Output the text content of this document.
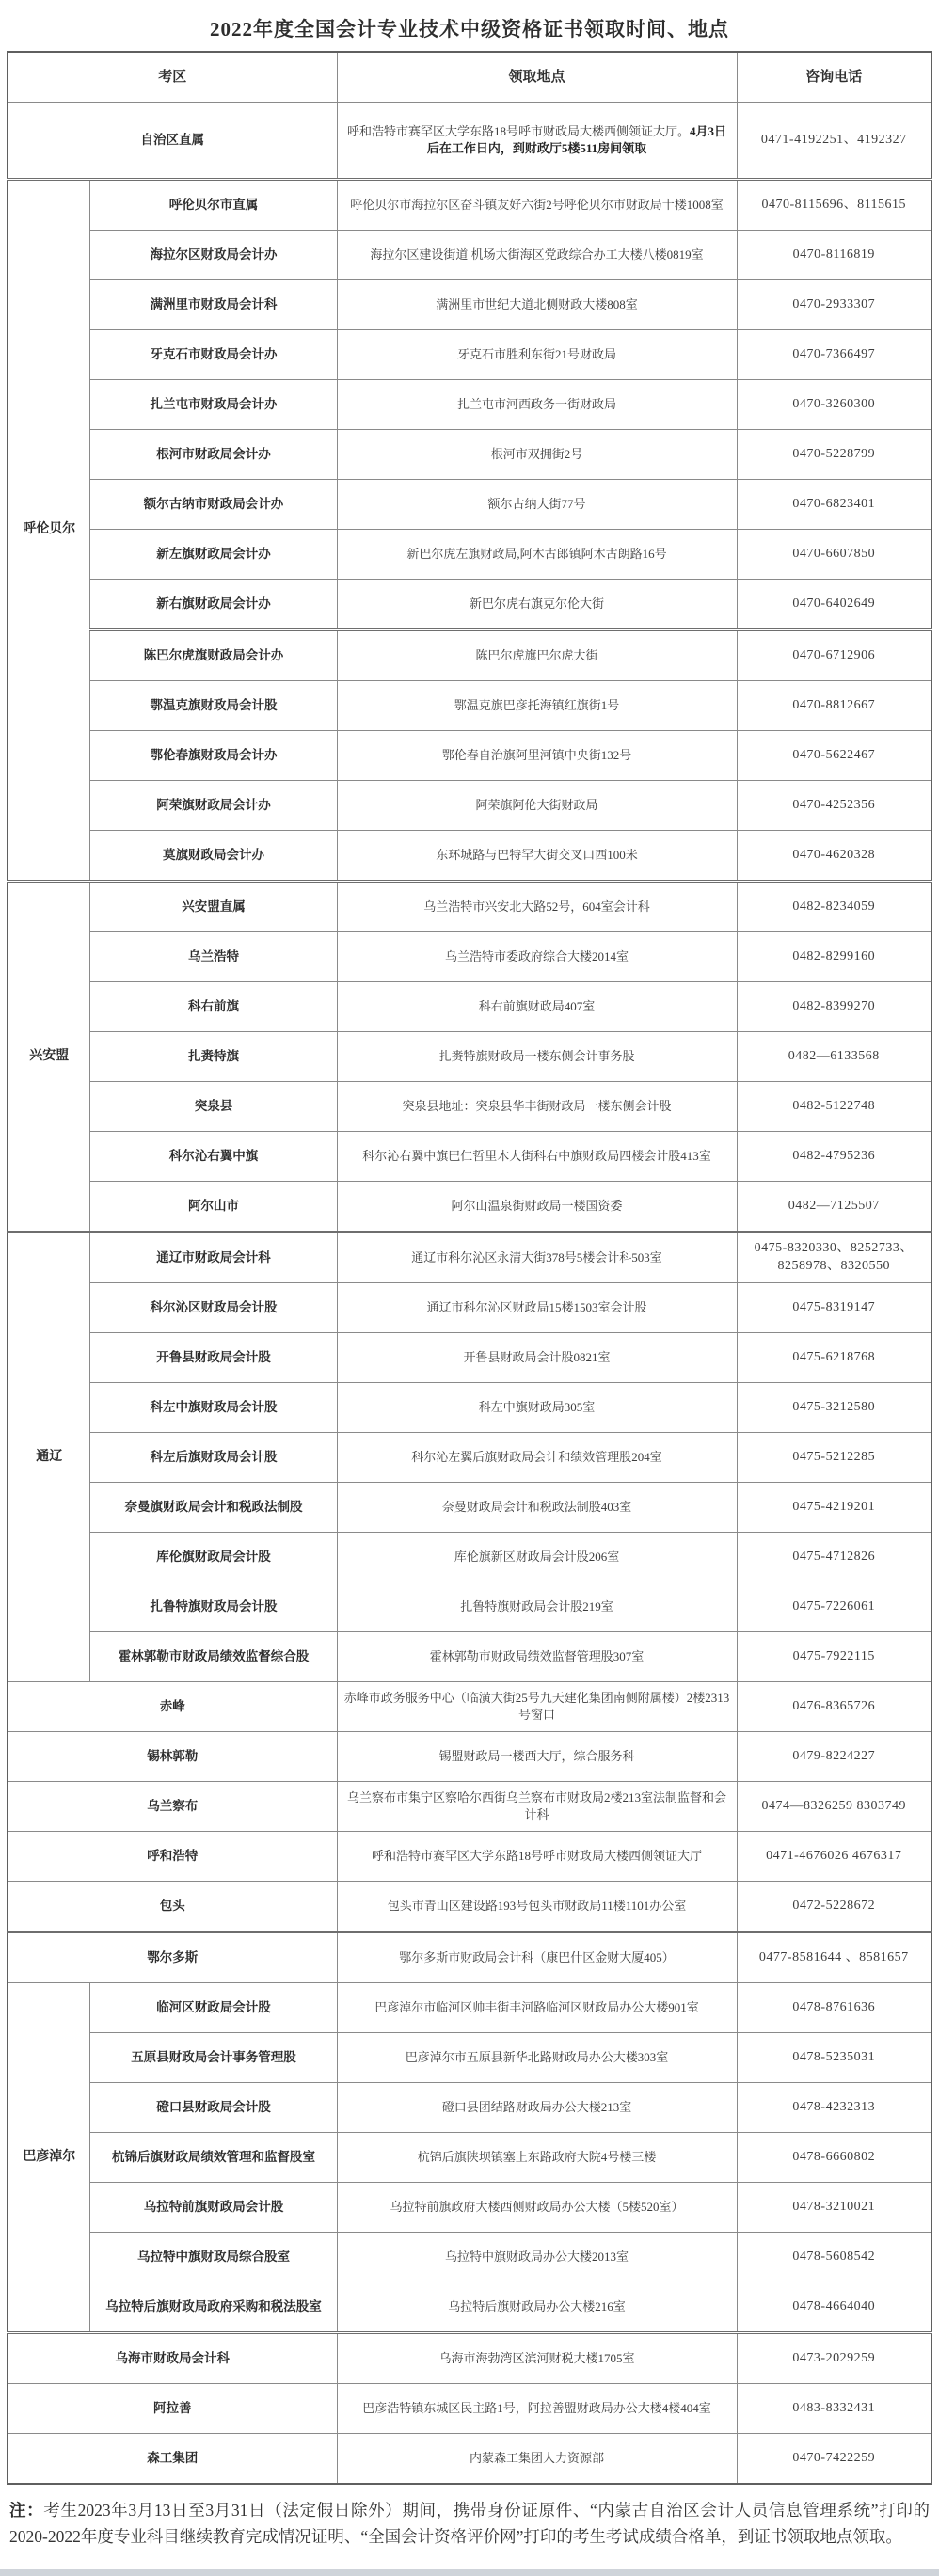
2022年度全国会计专业技术中级资格证书领取时间、地点
考区		领取地点	咨询电话
自治区直属		呼和浩特市赛罕区大学东路18号呼市财政局大楼西侧领证大厅。4月3日后在工作日内，到财政厅5楼511房间领取	0471-4192251、4192327
呼伦贝尔	呼伦贝尔市直属	呼伦贝尔市海拉尔区奋斗镇友好六街2号呼伦贝尔市财政局十楼1008室	0470-8115696、8115615
	海拉尔区财政局会计办	海拉尔区建设街道 机场大街海区党政综合办工大楼八楼0819室	0470-8116819
	满洲里市财政局会计科	满洲里市世纪大道北侧财政大楼808室	0470-2933307
	牙克石市财政局会计办	牙克石市胜利东街21号财政局	0470-7366497
	扎兰屯市财政局会计办	扎兰屯市河西政务一街财政局	0470-3260300
	根河市财政局会计办	根河市双拥街2号	0470-5228799
	额尔古纳市财政局会计办	额尔古纳大街77号	0470-6823401
	新左旗财政局会计办	新巴尔虎左旗财政局,阿木古郎镇阿木古朗路16号	0470-6607850
	新右旗财政局会计办	新巴尔虎右旗克尔伦大街	0470-6402649
	陈巴尔虎旗财政局会计办	陈巴尔虎旗巴尔虎大街	0470-6712906
	鄂温克旗财政局会计股	鄂温克旗巴彦托海镇红旗街1号	0470-8812667
	鄂伦春旗财政局会计办	鄂伦春自治旗阿里河镇中央街132号	0470-5622467
	阿荣旗财政局会计办	阿荣旗阿伦大街财政局	0470-4252356
	莫旗财政局会计办	东环城路与巴特罕大街交叉口西100米	0470-4620328
兴安盟	兴安盟直属	乌兰浩特市兴安北大路52号，604室会计科	0482-8234059
	乌兰浩特	乌兰浩特市委政府综合大楼2014室	0482-8299160
	科右前旗	科右前旗财政局407室	0482-8399270
	扎赉特旗	扎赉特旗财政局一楼东侧会计事务股	0482—6133568
	突泉县	突泉县地址：突泉县华丰街财政局一楼东侧会计股	0482-5122748
	科尔沁右翼中旗	科尔沁右翼中旗巴仁哲里木大街科右中旗财政局四楼会计股413室	0482-4795236
	阿尔山市	阿尔山温泉街财政局一楼国资委	0482—7125507
通辽	通辽市财政局会计科	通辽市科尔沁区永清大街378号5楼会计科503室	0475-8320330、8252733、8258978、8320550
	科尔沁区财政局会计股	通辽市科尔沁区财政局15楼1503室会计股	0475-8319147
	开鲁县财政局会计股	开鲁县财政局会计股0821室	0475-6218768
	科左中旗财政局会计股	科左中旗财政局305室	0475-3212580
	科左后旗财政局会计股	科尔沁左翼后旗财政局会计和绩效管理股204室	0475-5212285
	奈曼旗财政局会计和税政法制股	奈曼财政局会计和税政法制股403室	0475-4219201
	库伦旗财政局会计股	库伦旗新区财政局会计股206室	0475-4712826
	扎鲁特旗财政局会计股	扎鲁特旗财政局会计股219室	0475-7226061
	霍林郭勒市财政局绩效监督综合股	霍林郭勒市财政局绩效监督管理股307室	0475-7922115
赤峰		赤峰市政务服务中心（临潢大街25号九天建化集团南侧附属楼）2楼2313号窗口	0476-8365726
锡林郭勒		锡盟财政局一楼西大厅，综合服务科	0479-8224227
乌兰察布		乌兰察布市集宁区察哈尔西街乌兰察布市财政局2楼213室法制监督和会计科	0474—8326259 8303749
呼和浩特		呼和浩特市赛罕区大学东路18号呼市财政局大楼西侧领证大厅	0471-4676026 4676317
包头		包头市青山区建设路193号包头市财政局11楼1101办公室	0472-5228672
鄂尔多斯		鄂尔多斯市财政局会计科（康巴什区金财大厦405）	0477-8581644 、8581657
巴彦淖尔	临河区财政局会计股	巴彦淖尔市临河区帅丰街丰河路临河区财政局办公大楼901室	0478-8761636
	五原县财政局会计事务管理股	巴彦淖尔市五原县新华北路财政局办公大楼303室	0478-5235031
	磴口县财政局会计股	磴口县团结路财政局办公大楼213室	0478-4232313
	杭锦后旗财政局绩效管理和监督股室	杭锦后旗陕坝镇塞上东路政府大院4号楼三楼	0478-6660802
	乌拉特前旗财政局会计股	乌拉特前旗政府大楼西侧财政局办公大楼（5楼520室）	0478-3210021
	乌拉特中旗财政局综合股室	乌拉特中旗财政局办公大楼2013室	0478-5608542
	乌拉特后旗财政局政府采购和税法股室	乌拉特后旗财政局办公大楼216室	0478-4664040
乌海市财政局会计科		乌海市海勃湾区滨河财税大楼1705室	0473-2029259
阿拉善		巴彦浩特镇东城区民主路1号，阿拉善盟财政局办公大楼4楼404室	0483-8332431
森工集团		内蒙森工集团人力资源部	0470-7422259
注：考生2023年3月13日至3月31日（法定假日除外）期间，携带身份证原件、“内蒙古自治区会计人员信息管理系统”打印的2020-2022年度专业科目继续教育完成情况证明、“全国会计资格评价网”打印的考生考试成绩合格单，到证书领取地点领取。
